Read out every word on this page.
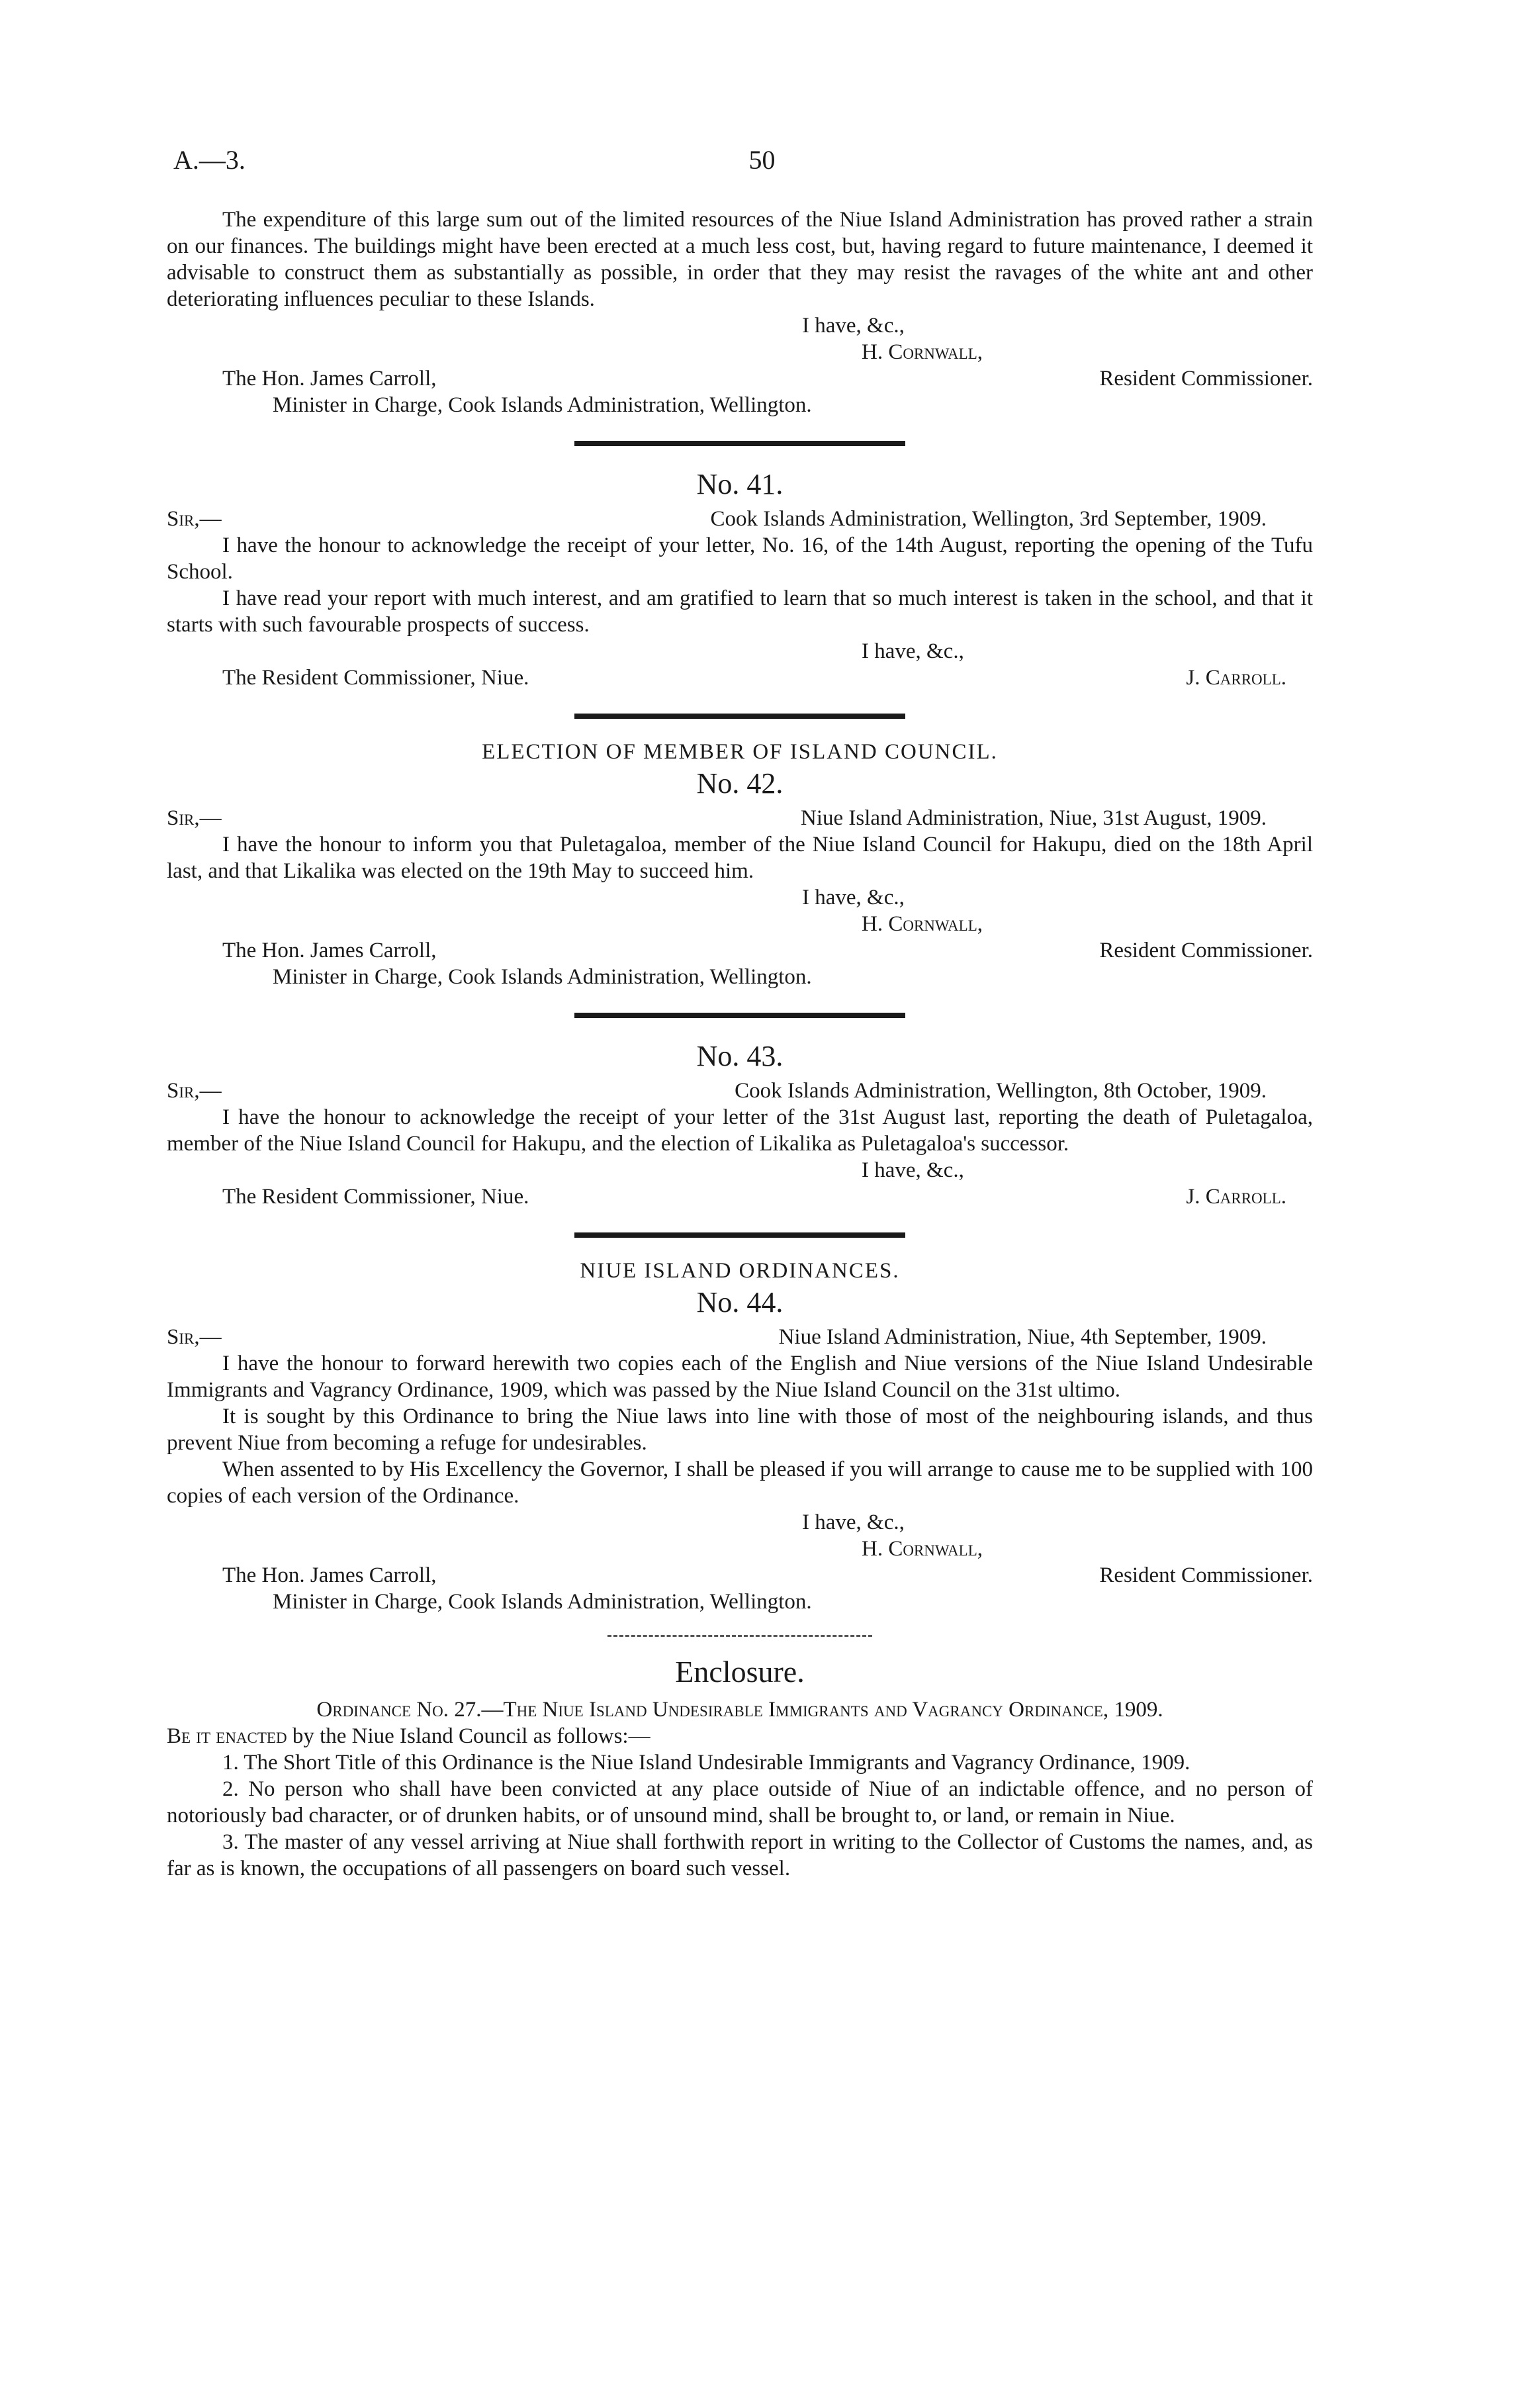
A.—3.	50

The expenditure of this large sum out of the limited resources of the Niue Island Administration has proved rather a strain on our finances. The buildings might have been erected at a much less cost, but, having regard to future maintenance, I deemed it advisable to construct them as substantially as possible, in order that they may resist the ravages of the white ant and other deteriorating influences peculiar to these Islands.

I have, &c.,
H. Cornwall,
The Hon. James Carroll,	Resident Commissioner.
Minister in Charge, Cook Islands Administration, Wellington.
No. 41.
Sir,—	Cook Islands Administration, Wellington, 3rd September, 1909.

I have the honour to acknowledge the receipt of your letter, No. 16, of the 14th August, reporting the opening of the Tufu School.

I have read your report with much interest, and am gratified to learn that so much interest is taken in the school, and that it starts with such favourable prospects of success.

I have, &c.,
The Resident Commissioner, Niue.	J. Carroll.
ELECTION OF MEMBER OF ISLAND COUNCIL.
No. 42.
Sir,—	Niue Island Administration, Niue, 31st August, 1909.

I have the honour to inform you that Puletagaloa, member of the Niue Island Council for Hakupu, died on the 18th April last, and that Likalika was elected on the 19th May to succeed him.

I have, &c.,
H. Cornwall,
The Hon. James Carroll,	Resident Commissioner.
Minister in Charge, Cook Islands Administration, Wellington.
No. 43.
Sir,—	Cook Islands Administration, Wellington, 8th October, 1909.

I have the honour to acknowledge the receipt of your letter of the 31st August last, reporting the death of Puletagaloa, member of the Niue Island Council for Hakupu, and the election of Likalika as Puletagaloa's successor.

I have, &c.,
The Resident Commissioner, Niue.	J. Carroll.
NIUE ISLAND ORDINANCES.
No. 44.
Sir,—	Niue Island Administration, Niue, 4th September, 1909.

I have the honour to forward herewith two copies each of the English and Niue versions of the Niue Island Undesirable Immigrants and Vagrancy Ordinance, 1909, which was passed by the Niue Island Council on the 31st ultimo.

It is sought by this Ordinance to bring the Niue laws into line with those of most of the neighbouring islands, and thus prevent Niue from becoming a refuge for undesirables.

When assented to by His Excellency the Governor, I shall be pleased if you will arrange to cause me to be supplied with 100 copies of each version of the Ordinance.

I have, &c.,
H. Cornwall,
The Hon. James Carroll,	Resident Commissioner.
Minister in Charge, Cook Islands Administration, Wellington.
Enclosure.
Ordinance No. 27.—The Niue Island Undesirable Immigrants and Vagrancy Ordinance, 1909.

Be it enacted by the Niue Island Council as follows:—

1. The Short Title of this Ordinance is the Niue Island Undesirable Immigrants and Vagrancy Ordinance, 1909.

2. No person who shall have been convicted at any place outside of Niue of an indictable offence, and no person of notoriously bad character, or of drunken habits, or of unsound mind, shall be brought to, or land, or remain in Niue.

3. The master of any vessel arriving at Niue shall forthwith report in writing to the Collector of Customs the names, and, as far as is known, the occupations of all passengers on board such vessel.
